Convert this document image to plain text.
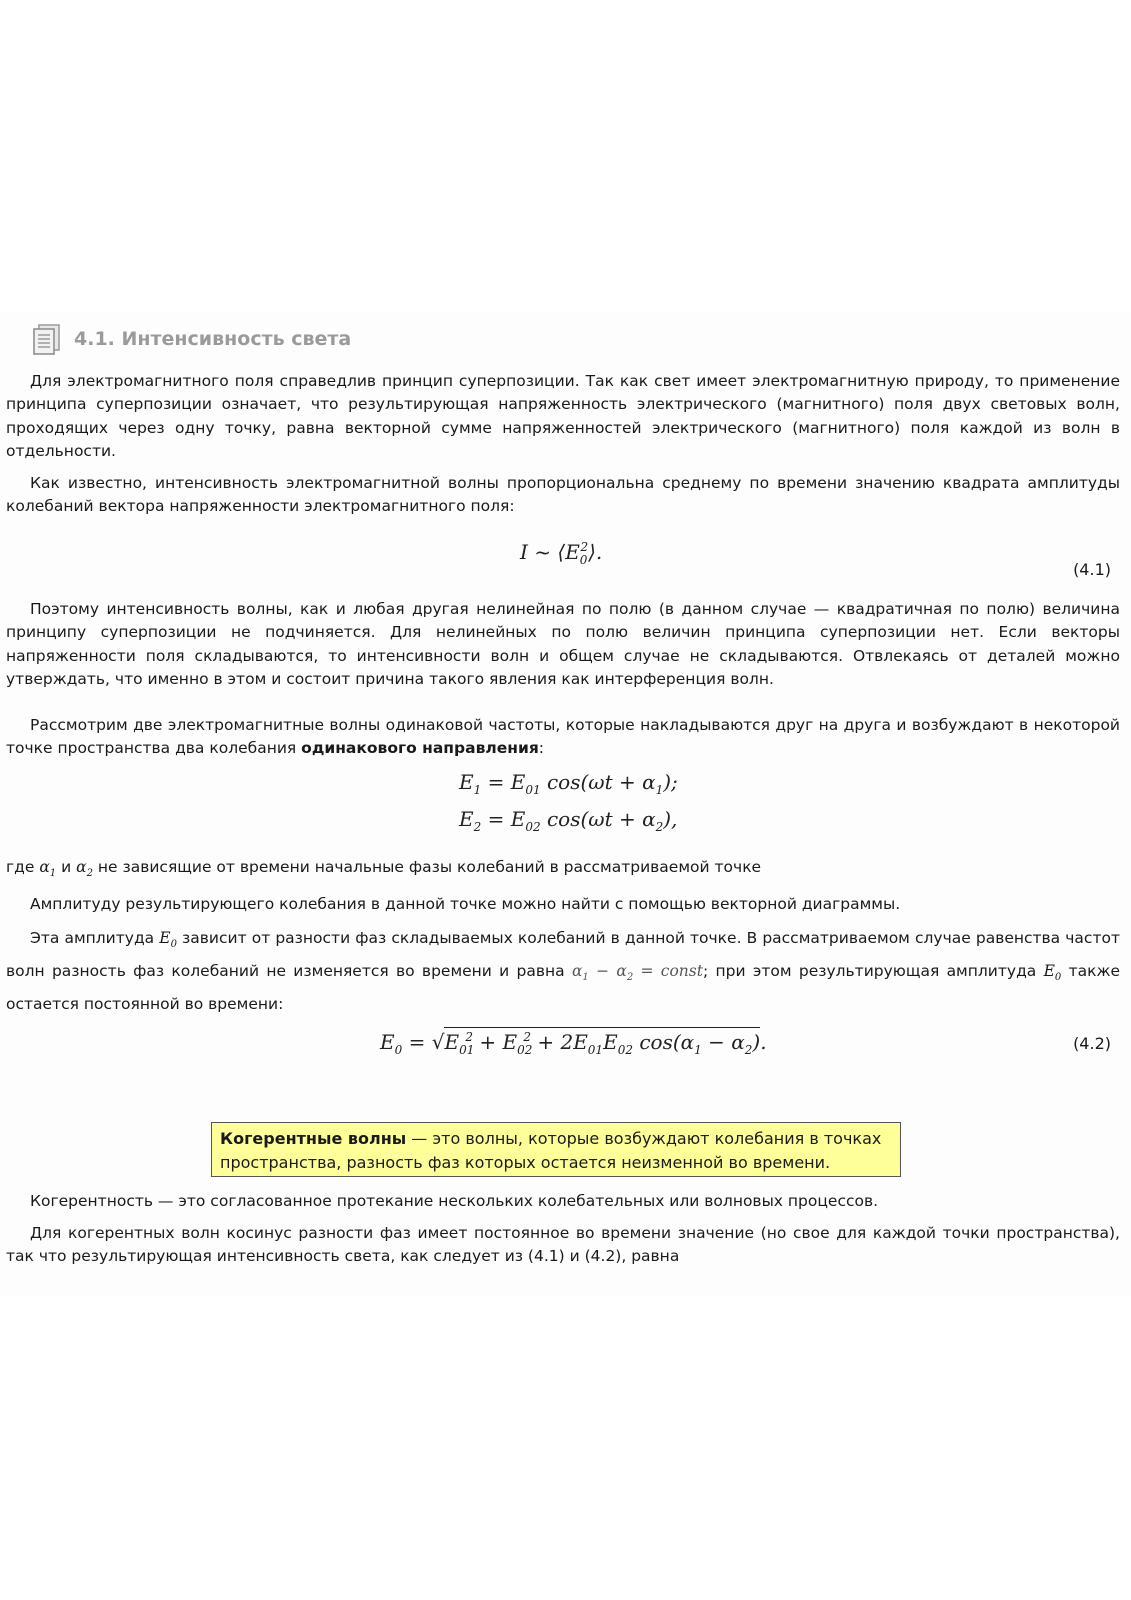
4.1. Интенсивность света

Для электромагнитного поля справедлив принцип суперпозиции. Так как свет имеет электромагнитную природу, то применение принципа суперпозиции означает, что результирующая напряженность электрического (магнитного) поля двух световых волн, проходящих через одну точку, равна векторной сумме напряженностей электрического (магнитного) поля каждой из волн в отдельности.

Как известно, интенсивность электромагнитной волны пропорциональна среднему по времени значению квадрата амплитуды колебаний вектора напряженности электромагнитного поля:

I ~ $⟨E_0^2⟩$.
(4.1)

Поэтому интенсивность волны, как и любая другая нелинейная по полю (в данном случае — квадратичная по полю) величина принципу суперпозиции не подчиняется. Для нелинейных по полю величин принципа суперпозиции нет. Если векторы напряженности поля складываются, то интенсивности волн и общем случае не складываются. Отвлекаясь от деталей можно утверждать, что именно в этом и состоит причина такого явления как интерференция волн.

Рассмотрим две электромагнитные волны одинаковой частоты, которые накладываются друг на друга и возбуждают в некоторой точке пространства два колебания одинакового направления:

$E_1 = E_{01}$ $\cos(\omega t + \alpha_1)$;
$E_2 = E_{02}$ $\cos(\omega t + \alpha_2)$,

где $\alpha_1$ и $\alpha_2$ не зависящие от времени начальные фазы колебаний в рассматриваемой точке

Амплитуду результирующего колебания в данной точке можно найти с помощью векторной диаграммы.

Эта амплитуда $E_0$ зависит от разности фаз складываемых колебаний в данной точке. В рассматриваемом случае равенства частот волн разность фаз колебаний не изменяется во времени и равна $\alpha_1 - \alpha_2$ = const; при этом результирующая амплитуда $E_0$ также остается постоянной во времени:

$E_0 = √E_{01}^2 + E_{02}^2 + 2E_{01}E_{02}$ $\cos(\alpha_1 - \alpha_2)$.	(4.2)
Когерентные волны — это волны, которые возбуждают колебания в точках пространства, разность фаз которых остается неизменной во времени.

Когерентность — это согласованное протекание нескольких колебательных или волновых процессов.

Для когерентных волн косинус разности фаз имеет постоянное во времени значение (но свое для каждой точки пространства), так что результирующая интенсивность света, как следует из (4.1) и (4.2), равна
